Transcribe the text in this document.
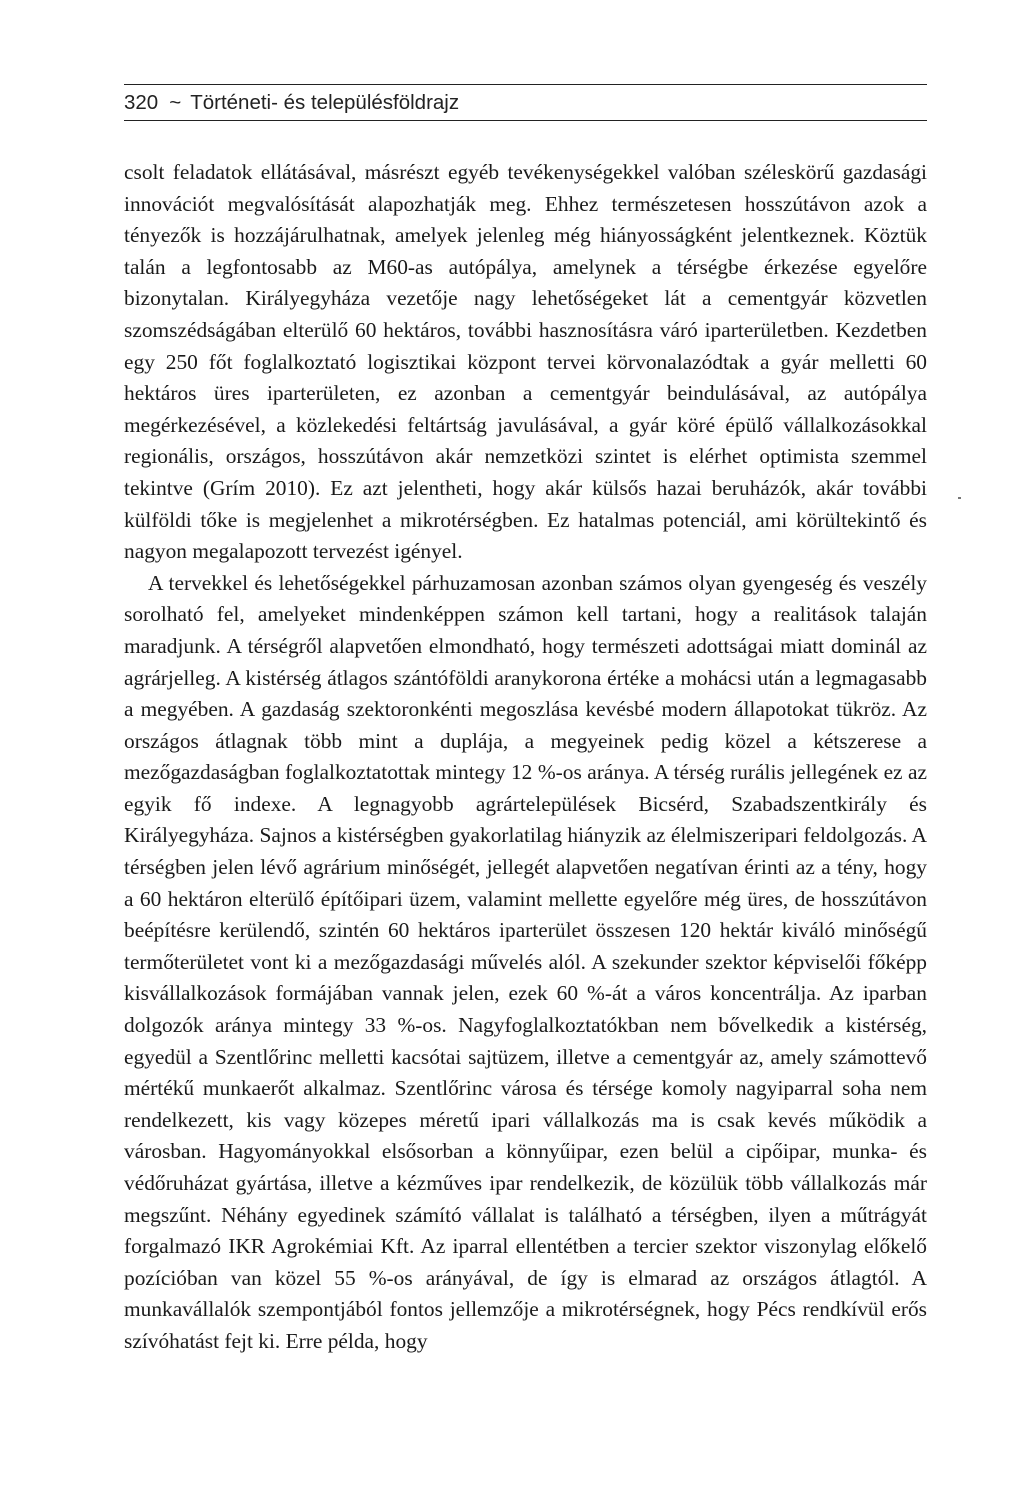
320 ~ Történeti- és településföldrajz

csolt feladatok ellátásával, másrészt egyéb tevékenységekkel valóban széleskörű gazdasági innovációt megvalósítását alapozhatják meg. Ehhez természetesen hosszútávon azok a tényezők is hozzájárulhatnak, amelyek jelenleg még hiányosságként jelentkeznek. Köztük talán a legfontosabb az M60-as autópálya, amelynek a térségbe érkezése egyelőre bizonytalan. Királyegyháza vezetője nagy lehetőségeket lát a cementgyár közvetlen szomszédságában elterülő 60 hektáros, további hasznosításra váró iparterületben. Kezdetben egy 250 főt foglalkoztató logisztikai központ tervei körvonalazódtak a gyár melletti 60 hektáros üres iparterületen, ez azonban a cementgyár beindulásával, az autópálya megérkezésével, a közlekedési feltártság javulásával, a gyár köré épülő vállalkozásokkal regionális, országos, hosszútávon akár nemzetközi szintet is elérhet optimista szemmel tekintve (Grím 2010). Ez azt jelentheti, hogy akár külsős hazai beruházók, akár további külföldi tőke is megjelenhet a mikrotérségben. Ez hatalmas potenciál, ami körültekintő és nagyon megalapozott tervezést igényel.

A tervekkel és lehetőségekkel párhuzamosan azonban számos olyan gyengeség és veszély sorolható fel, amelyeket mindenképpen számon kell tartani, hogy a realitások talaján maradjunk. A térségről alapvetően elmondható, hogy természeti adottságai miatt dominál az agrárjelleg. A kistérség átlagos szántóföldi aranykorona értéke a mohácsi után a legmagasabb a megyében. A gazdaság szektoronkénti megoszlása kevésbé modern állapotokat tükröz. Az országos átlagnak több mint a duplája, a megyeinek pedig közel a kétszerese a mezőgazdaságban foglalkoztatottak mintegy 12 %-os aránya. A térség rurális jellegének ez az egyik fő indexe. A legnagyobb agrártelepülések Bicsérd, Szabadszentkirály és Királyegyháza. Sajnos a kistérségben gyakorlatilag hiányzik az élelmiszeripari feldolgozás. A térségben jelen lévő agrárium minőségét, jellegét alapvetően negatívan érinti az a tény, hogy a 60 hektáron elterülő építőipari üzem, valamint mellette egyelőre még üres, de hosszútávon beépítésre kerülendő, szintén 60 hektáros iparterület összesen 120 hektár kiváló minőségű termőterületet vont ki a mezőgazdasági művelés alól. A szekunder szektor képviselői főképp kisvállalkozások formájában vannak jelen, ezek 60 %-át a város koncentrálja. Az iparban dolgozók aránya mintegy 33 %-os. Nagyfoglalkoztatókban nem bővelkedik a kistérség, egyedül a Szentlőrinc melletti kacsótai sajtüzem, illetve a cementgyár az, amely számottevő mértékű munkaerőt alkalmaz. Szentlőrinc városa és térsége komoly nagyiparral soha nem rendelkezett, kis vagy közepes méretű ipari vállalkozás ma is csak kevés működik a városban. Hagyományokkal elsősorban a könnyűipar, ezen belül a cipőipar, munka- és védőruházat gyártása, illetve a kézműves ipar rendelkezik, de közülük több vállalkozás már megszűnt. Néhány egyedinek számító vállalat is található a térségben, ilyen a műtrágyát forgalmazó IKR Agrokémiai Kft. Az iparral ellentétben a tercier szektor viszonylag előkelő pozícióban van közel 55 %-os arányával, de így is elmarad az országos átlagtól. A munkavállalók szempontjából fontos jellemzője a mikrotérségnek, hogy Pécs rendkívül erős szívóhatást fejt ki. Erre példa, hogy
